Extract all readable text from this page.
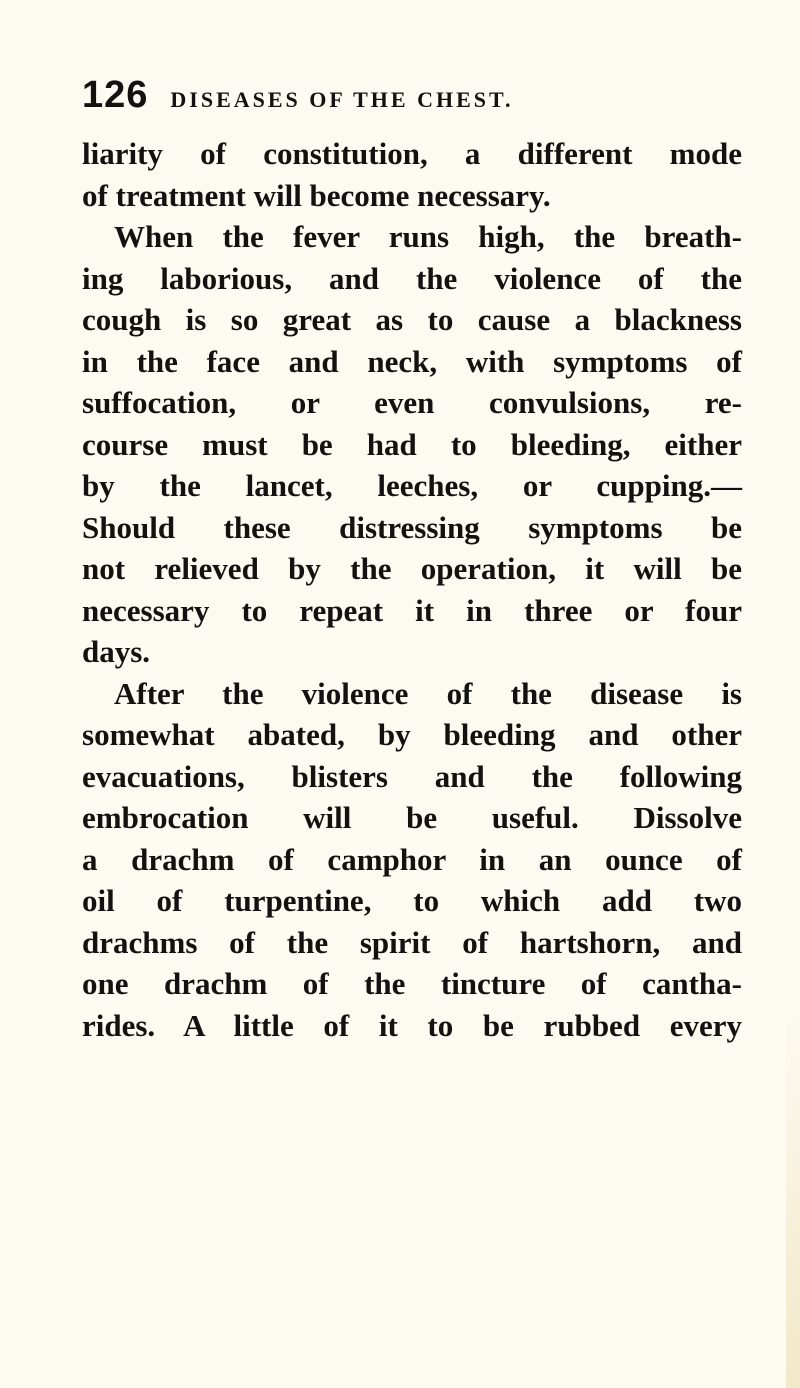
126 DISEASES OF THE CHEST.
liarity of constitution, a different mode
of treatment will become necessary.
When the fever runs high, the breath-
ing laborious, and the violence of the
cough is so great as to cause a blackness
in the face and neck, with symptoms of
suffocation, or even convulsions, re-
course must be had to bleeding, either
by the lancet, leeches, or cupping.—
Should these distressing symptoms be
not relieved by the operation, it will be
necessary to repeat it in three or four
days.
After the violence of the disease is
somewhat abated, by bleeding and other
evacuations, blisters and the following
embrocation will be useful. Dissolve
a drachm of camphor in an ounce of
oil of turpentine, to which add two
drachms of the spirit of hartshorn, and
one drachm of the tincture of cantha-
rides. A little of it to be rubbed every
